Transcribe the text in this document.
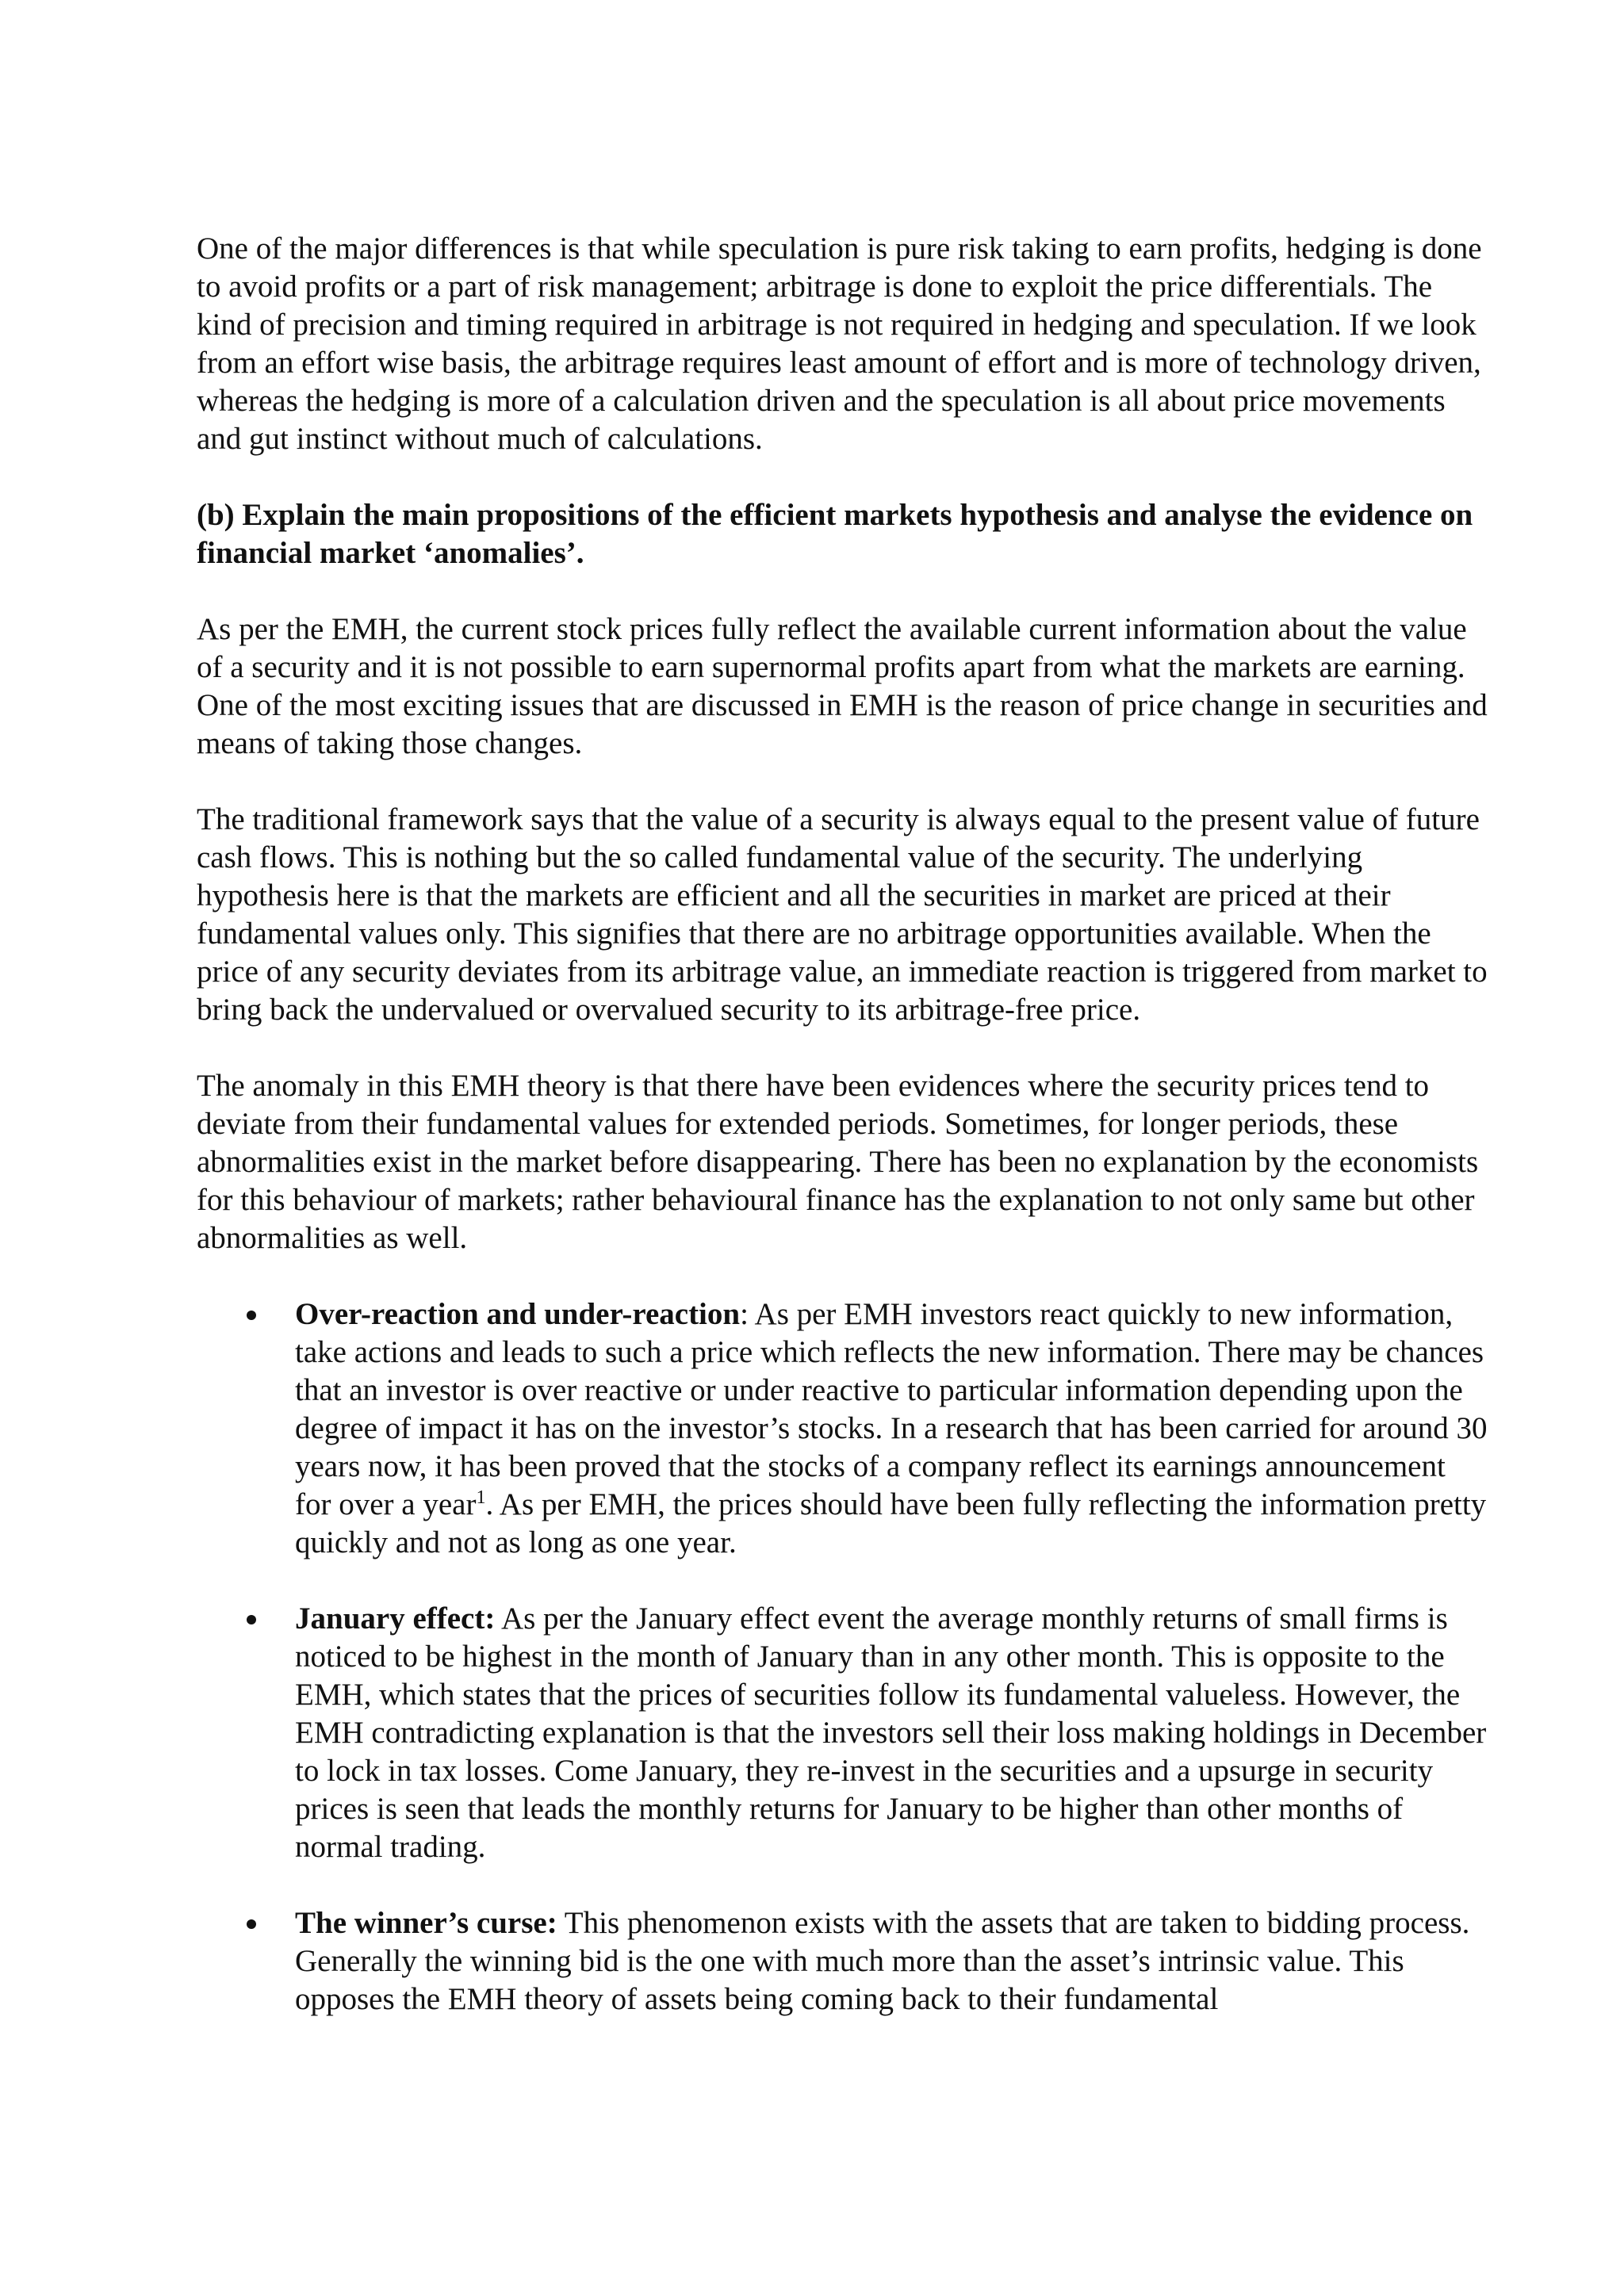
One of the major differences is that while speculation is pure risk taking to earn profits, hedging is done to avoid profits or a part of risk management; arbitrage is done to exploit the price differentials. The kind of precision and timing required in arbitrage is not required in hedging and speculation. If we look from an effort wise basis, the arbitrage requires least amount of effort and is more of technology driven, whereas the hedging is more of a calculation driven and the speculation is all about price movements and gut instinct without much of calculations.

(b) Explain the main propositions of the efficient markets hypothesis and analyse the evidence on financial market ‘anomalies’.

As per the EMH, the current stock prices fully reflect the available current information about the value of a security and it is not possible to earn supernormal profits apart from what the markets are earning. One of the most exciting issues that are discussed in EMH is the reason of price change in securities and means of taking those changes.

The traditional framework says that the value of a security is always equal to the present value of future cash flows. This is nothing but the so called fundamental value of the security. The underlying hypothesis here is that the markets are efficient and all the securities in market are priced at their fundamental values only. This signifies that there are no arbitrage opportunities available. When the price of any security deviates from its arbitrage value, an immediate reaction is triggered from market to bring back the undervalued or overvalued security to its arbitrage-free price.

The anomaly in this EMH theory is that there have been evidences where the security prices tend to deviate from their fundamental values for extended periods. Sometimes, for longer periods, these abnormalities exist in the market before disappearing. There has been no explanation by the economists for this behaviour of markets; rather behavioural finance has the explanation to not only same but other abnormalities as well.

Over-reaction and under-reaction: As per EMH investors react quickly to new information, take actions and leads to such a price which reflects the new information. There may be chances that an investor is over reactive or under reactive to particular information depending upon the degree of impact it has on the investor’s stocks. In a research that has been carried for around 30 years now, it has been proved that the stocks of a company reflect its earnings announcement for over a year$^1$. As per EMH, the prices should have been fully reflecting the information pretty quickly and not as long as one year.
January effect: As per the January effect event the average monthly returns of small firms is noticed to be highest in the month of January than in any other month. This is opposite to the EMH, which states that the prices of securities follow its fundamental valueless. However, the EMH contradicting explanation is that the investors sell their loss making holdings in December to lock in tax losses. Come January, they re-invest in the securities and a upsurge in security prices is seen that leads the monthly returns for January to be higher than other months of normal trading.
The winner’s curse: This phenomenon exists with the assets that are taken to bidding process. Generally the winning bid is the one with much more than the asset’s intrinsic value. This opposes the EMH theory of assets being coming back to their fundamental
